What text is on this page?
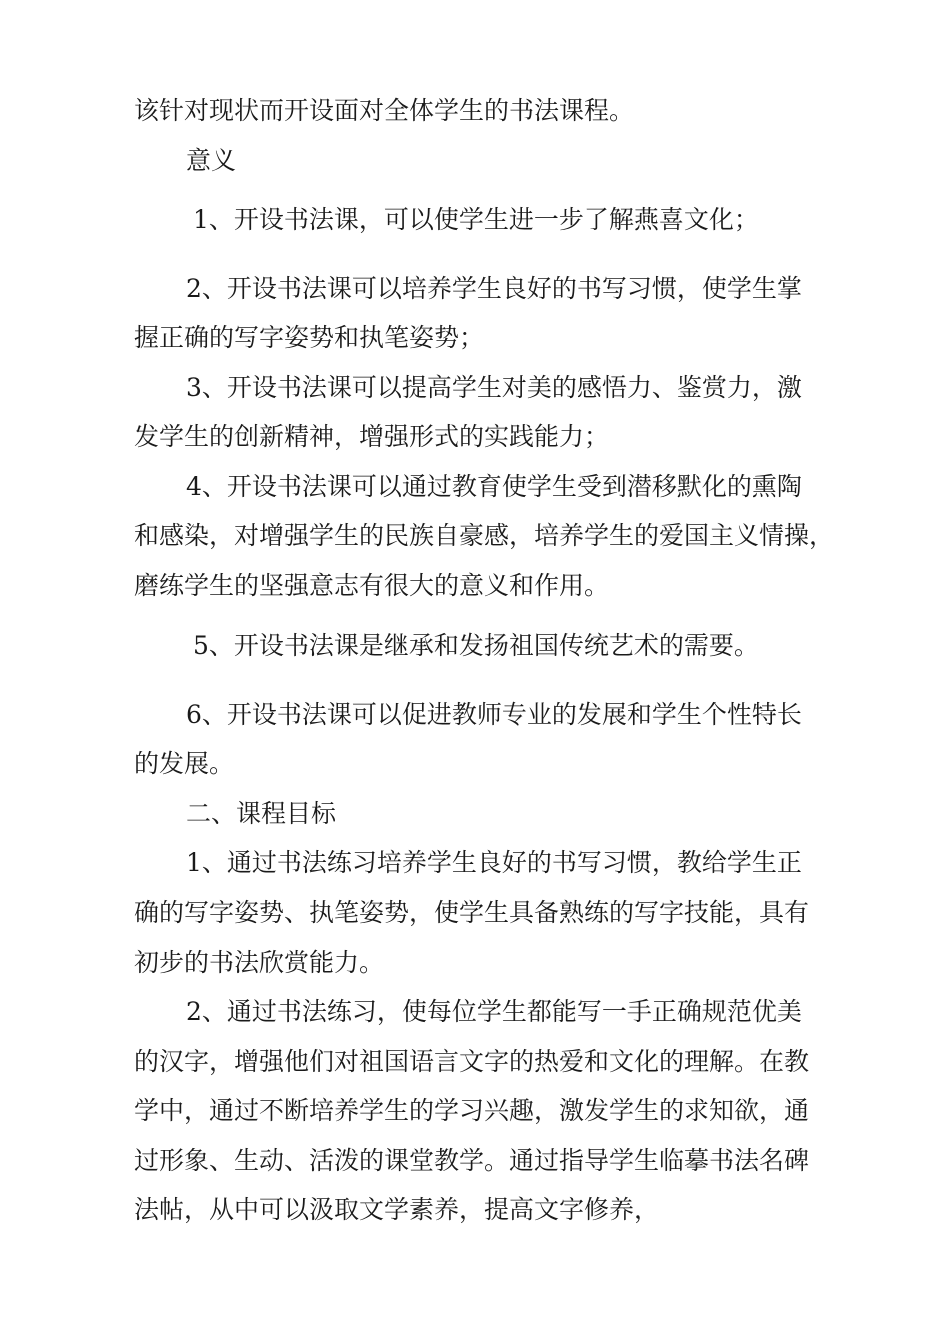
该针对现状而开设面对全体学生的书法课程。

意义

1、开设书法课，可以使学生进一步了解燕喜文化；

2、开设书法课可以培养学生良好的书写习惯，使学生掌

握正确的写字姿势和执笔姿势；

3、开设书法课可以提高学生对美的感悟力、鉴赏力，激

发学生的创新精神，增强形式的实践能力；

4、开设书法课可以通过教育使学生受到潜移默化的熏陶

和感染，对增强学生的民族自豪感，培养学生的爱国主义情操，

磨练学生的坚强意志有很大的意义和作用。

5、开设书法课是继承和发扬祖国传统艺术的需要。

6、开设书法课可以促进教师专业的发展和学生个性特长

的发展。

二、课程目标

1、通过书法练习培养学生良好的书写习惯，教给学生正

确的写字姿势、执笔姿势，使学生具备熟练的写字技能，具有

初步的书法欣赏能力。

2、通过书法练习，使每位学生都能写一手正确规范优美

的汉字，增强他们对祖国语言文字的热爱和文化的理解。在教

学中，通过不断培养学生的学习兴趣，激发学生的求知欲，通

过形象、生动、活泼的课堂教学。通过指导学生临摹书法名碑

法帖，从中可以汲取文学素养，提高文字修养，
